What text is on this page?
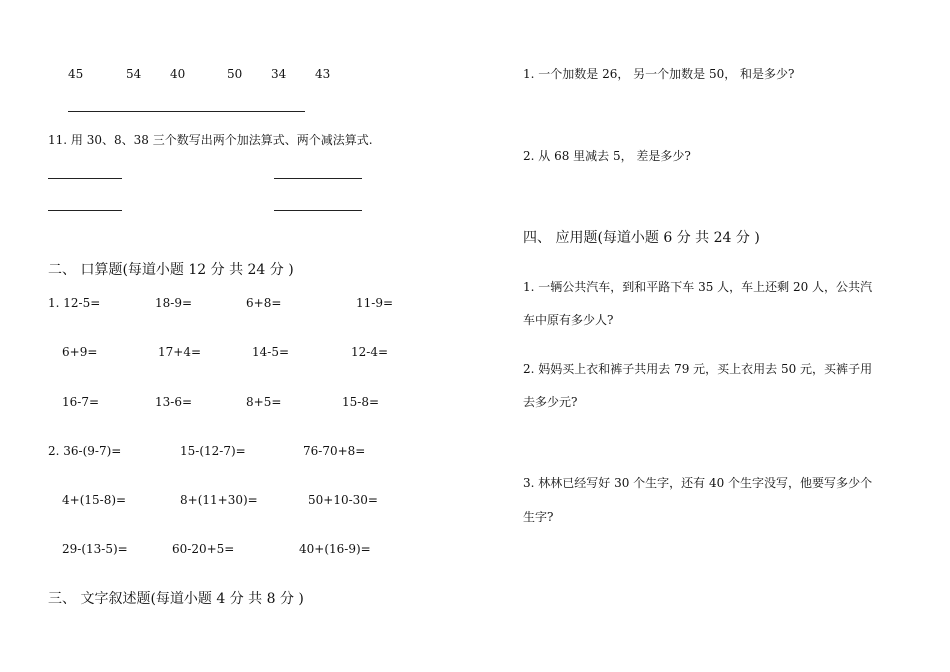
45	54 40	50 34 43
11. 用 30、8、38 三个数写出两个加法算式、两个减法算式.
二、 口算题(每道小题 12 分 共 24 分 )
1. 12-5=	18-9=	6+8=	11-9=
6+9=	17+4=	14-5=	12-4=
16-7=	13-6=	8+5=	15-8=
2. 36-(9-7)=	15-(12-7)=	76-70+8=
4+(15-8)=	8+(11+30)=	50+10-30=
29-(13-5)=	60-20+5=	40+(16-9)=
三、 文字叙述题(每道小题 4 分 共 8 分 )
1. 一个加数是 26， 另一个加数是 50， 和是多少?
2. 从 68 里减去 5， 差是多少?
四、 应用题(每道小题 6 分 共 24 分 )
1. 一辆公共汽车，到和平路下车 35 人，车上还剩 20 人，公共汽
车中原有多少人?
2. 妈妈买上衣和裤子共用去 79 元，买上衣用去 50 元，买裤子用
去多少元?
3. 林林已经写好 30 个生字，还有 40 个生字没写，他要写多少个
生字?
